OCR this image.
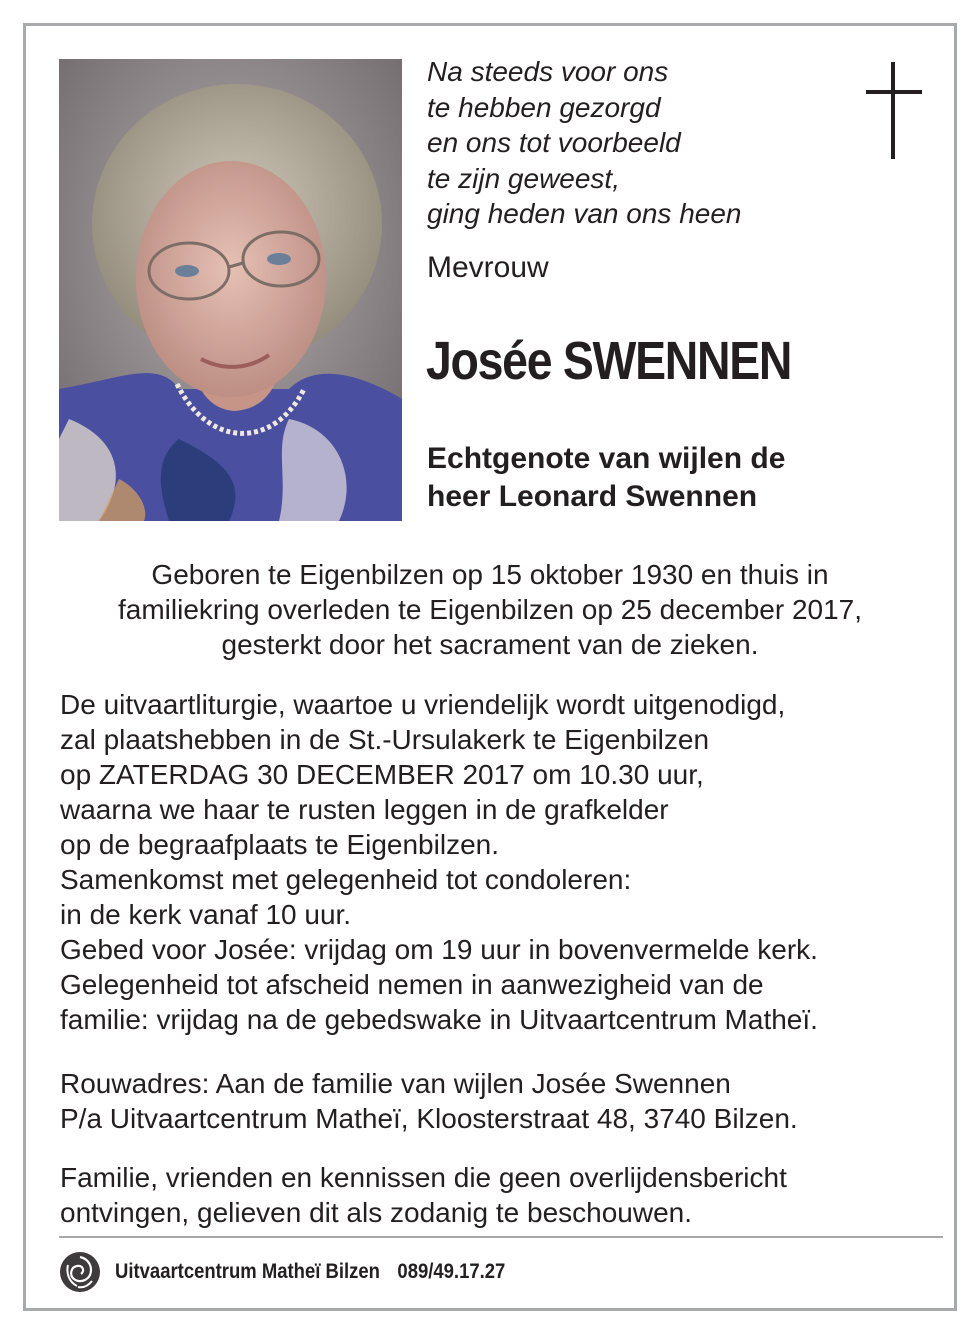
Na steeds voor ons
te hebben gezorgd
en ons tot voorbeeld
te zijn geweest,
ging heden van ons heen
Mevrouw
Josée SWENNEN
Echtgenote van wijlen de
heer Leonard Swennen
Geboren te Eigenbilzen op 15 oktober 1930 en thuis in
familiekring overleden te Eigenbilzen op 25 december 2017,
gesterkt door het sacrament van de zieken.
De uitvaartliturgie, waartoe u vriendelijk wordt uitgenodigd,
zal plaatshebben in de St.-Ursulakerk te Eigenbilzen
op ZATERDAG 30 DECEMBER 2017 om 10.30 uur,
waarna we haar te rusten leggen in de grafkelder
op de begraafplaats te Eigenbilzen.
Samenkomst met gelegenheid tot condoleren:
in de kerk vanaf 10 uur.
Gebed voor Josée: vrijdag om 19 uur in bovenvermelde kerk.
Gelegenheid tot afscheid nemen in aanwezigheid van de
familie: vrijdag na de gebedswake in Uitvaartcentrum Matheï.
Rouwadres: Aan de familie van wijlen Josée Swennen
P/a Uitvaartcentrum Matheï, Kloosterstraat 48, 3740 Bilzen.
Familie, vrienden en kennissen die geen overlijdensbericht
ontvingen, gelieven dit als zodanig te beschouwen.
Uitvaartcentrum Matheï Bilzen 089/49.17.27
